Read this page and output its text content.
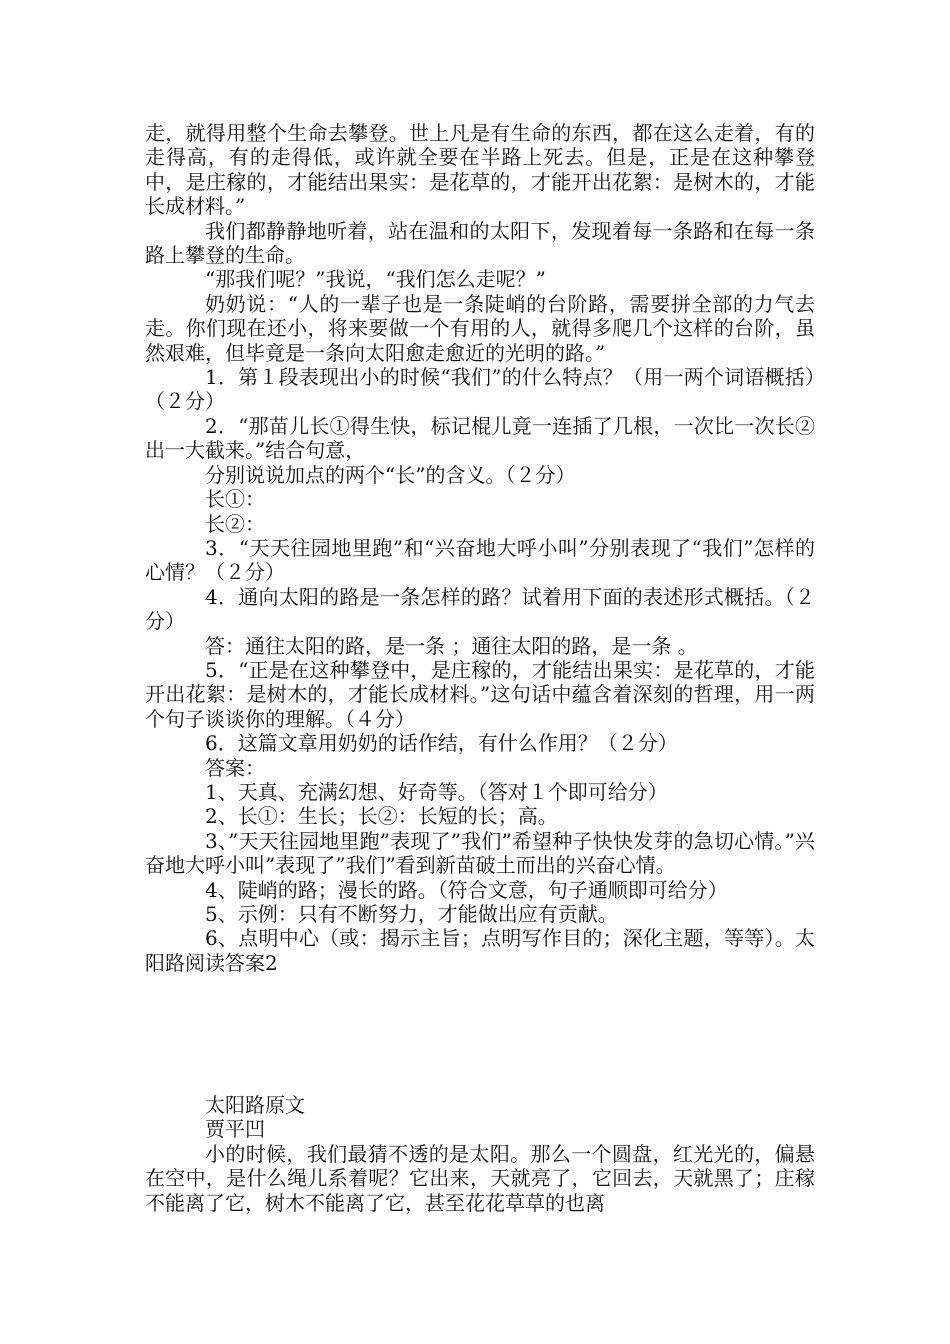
走，就得用整个生命去攀登。世上凡是有生命的东西，都在这么走着，有的走得高，有的走得低，或许就全要在半路上死去。但是，正是在这种攀登中，是庄稼的，才能结出果实：是花草的，才能开出花絮：是树木的，才能长成材料。”

我们都静静地听着，站在温和的太阳下，发现着每一条路和在每一条路上攀登的生命。

“那我们呢？”我说，“我们怎么走呢？”

奶奶说：“人的一辈子也是一条陡峭的台阶路，需要拼全部的力气去走。你们现在还小，将来要做一个有用的人，就得多爬几个这样的台阶，虽然艰难，但毕竟是一条向太阳愈走愈近的光明的路。”

1．第１段表现出小的时候“我们”的什么特点？（用一两个词语概括）（２分）

2．“那苗儿长①得生快，标记棍儿竟一连插了几根，一次比一次长②出一大截来。”结合句意，

分别说说加点的两个“长”的含义。（２分）

长①：

长②：

3．“天天往园地里跑”和“兴奋地大呼小叫”分别表现了“我们”怎样的心情？（２分）

4．通向太阳的路是一条怎样的路？试着用下面的表述形式概括。（２分）

答：通往太阳的路，是一条 ；通往太阳的路，是一条 。

5．“正是在这种攀登中，是庄稼的，才能结出果实：是花草的，才能开出花絮：是树木的，才能长成材料。”这句话中蕴含着深刻的哲理，用一两个句子谈谈你的理解。（４分）

6．这篇文章用奶奶的话作结，有什么作用？（２分）

答案：

1、天真、充满幻想、好奇等。（答对１个即可给分）

2、长①：生长；长②：长短的长；高。

3、”天天往园地里跑”表现了”我们”希望种子快快发芽的急切心情。”兴奋地大呼小叫”表现了”我们”看到新苗破土而出的兴奋心情。

4、陡峭的路；漫长的路。（符合文意，句子通顺即可给分）

5、示例：只有不断努力，才能做出应有贡献。

6、点明中心（或：揭示主旨；点明写作目的；深化主题，等等）。太阳路阅读答案2

太阳路原文

贾平凹

小的时候，我们最猜不透的是太阳。那么一个圆盘，红光光的，偏悬在空中，是什么绳儿系着呢？它出来，天就亮了，它回去，天就黑了；庄稼不能离了它，树木不能离了它，甚至花花草草的也离
